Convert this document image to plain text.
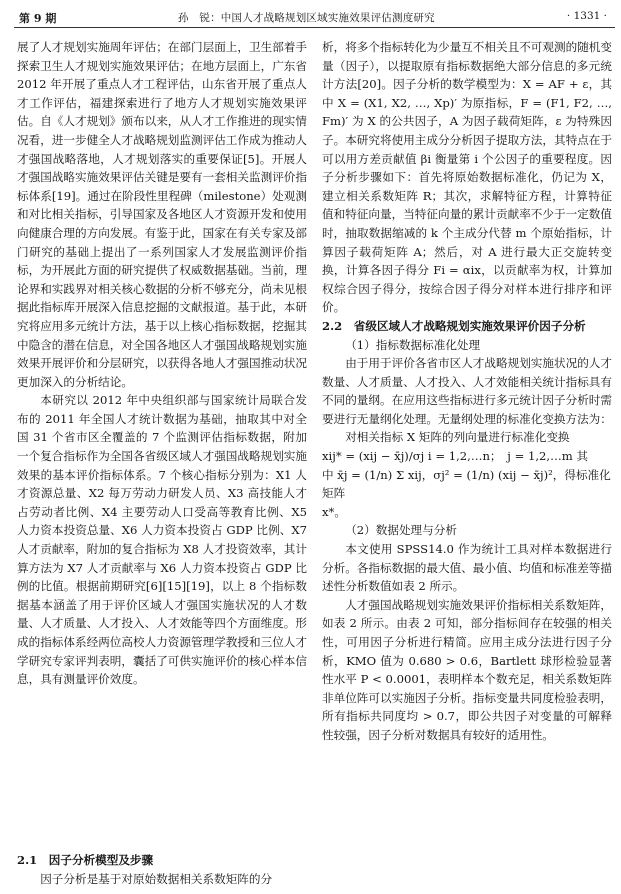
第 9 期	孙　锐：中国人才战略规划区域实施效果评估测度研究	· 1331 ·

展了人才规划实施周年评估；在部门层面上，卫生部着手探索卫生人才规划实施效果评估；在地方层面上，广东省 2012 年开展了重点人才工程评估，山东省开展了重点人才工作评估，福建探索进行了地方人才规划实施效果评估。自《人才规划》颁布以来，从人才工作推进的现实情况看，进一步健全人才战略规划监测评估工作成为推动人才强国战略落地，人才规划落实的重要保证[5]。开展人才强国战略实施效果评估关键是要有一套相关监测评价指标体系[19]。通过在阶段性里程碑（milestone）处观测和对比相关指标，引导国家及各地区人才资源开发和使用向健康合理的方向发展。有鉴于此，国家在有关专家及部门研究的基础上提出了一系列国家人才发展监测评价指标，为开展此方面的研究提供了权威数据基础。当前，理论界和实践界对相关核心数据的分析不够充分，尚未见根据此指标库开展深入信息挖掘的文献报道。基于此，本研究将应用多元统计方法，基于以上核心指标数据，挖掘其中隐含的潜在信息，对全国各地区人才强国战略规划实施效果开展评价和分层研究，以获得各地人才强国推动状况更加深入的分析结论。

本研究以 2012 年中央组织部与国家统计局联合发布的 2011 年全国人才统计数据为基础，抽取其中对全国 31 个省市区全覆盖的 7 个监测评估指标数据，附加一个复合指标作为全国各省级区域人才强国战略规划实施效果的基本评价指标体系。7 个核心指标分别为：X1 人才资源总量、X2 每万劳动力研发人员、X3 高技能人才占劳动者比例、X4 主要劳动人口受高等教育比例、X5 人力资本投资总量、X6 人力资本投资占 GDP 比例、X7 人才贡献率，附加的复合指标为 X8 人才投资效率，其计算方法为 X7 人才贡献率与 X6 人力资本投资占 GDP 比例的比值。根据前期研究[6][15][19]，以上 8 个指标数据基本涵盖了用于评价区域人才强国实施状况的人才数量、人才质量、人才投入、人才效能等四个方面维度。形成的指标体系经两位高校人力资源管理学教授和三位人才学研究专家评判表明，囊括了可供实施评价的核心样本信息，具有测量评价效度。

2.1　因子分析模型及步骤
因子分析是基于对原始数据相关系数矩阵的分

析，将多个指标转化为少量互不相关且不可观测的随机变量（因子），以提取原有指标数据绝大部分信息的多元统计方法[20]。因子分析的数学模型为：X = AF + ε，其中 X = (X1, X2, …, Xp)′ 为原指标，F = (F1, F2, …, Fm)′ 为 X 的公共因子，A 为因子载荷矩阵，ε 为特殊因子。本研究将使用主成分分析因子提取方法，其特点在于可以用方差贡献值 βi 衡量第 i 个公因子的重要程度。因子分析步骤如下：首先将原始数据标准化，仍记为 X，建立相关系数矩阵 R；其次，求解特征方程，计算特征值和特征向量，当特征向量的累计贡献率不少于一定数值时，抽取数据缩减的 k 个主成分代替 m 个原始指标，计算因子载荷矩阵 A；然后，对 A 进行最大正交旋转变换，计算各因子得分 Fi = αix，以贡献率为权，计算加权综合因子得分，按综合因子得分对样本进行排序和评价。

2.2　省级区域人才战略规划实施效果评价因子分析

（1）指标数据标准化处理

由于用于评价各省市区人才战略规划实施状况的人才数量、人才质量、人才投入、人才效能相关统计指标具有不同的量纲。在应用这些指标进行多元统计因子分析时需要进行无量纲化处理。无量纲处理的标准化变换方法为：

对相关指标 X 矩阵的列向量进行标准化变换

xij* = (xij − x̄j)/σj i = 1,2,…n；　j = 1,2,…m 其

中 x̄j = (1/n) Σ xij，σj² = (1/n) (xij − x̄j)²，得标准化矩阵

x*。

（2）数据处理与分析

本文使用 SPSS14.0 作为统计工具对样本数据进行分析。各指标数据的最大值、最小值、均值和标准差等描述性分析数值如表 2 所示。

人才强国战略规划实施效果评价指标相关系数矩阵，如表 2 所示。由表 2 可知，部分指标间存在较强的相关性，可用因子分析进行精简。应用主成分法进行因子分析，KMO 值为 0.680 > 0.6，Bartlett 球形检验显著性水平 P < 0.0001，表明样本个数充足，相关系数矩阵非单位阵可以实施因子分析。指标变量共同度检验表明，所有指标共同度均 > 0.7，即公共因子对变量的可解释性较强，因子分析对数据具有较好的适用性。
